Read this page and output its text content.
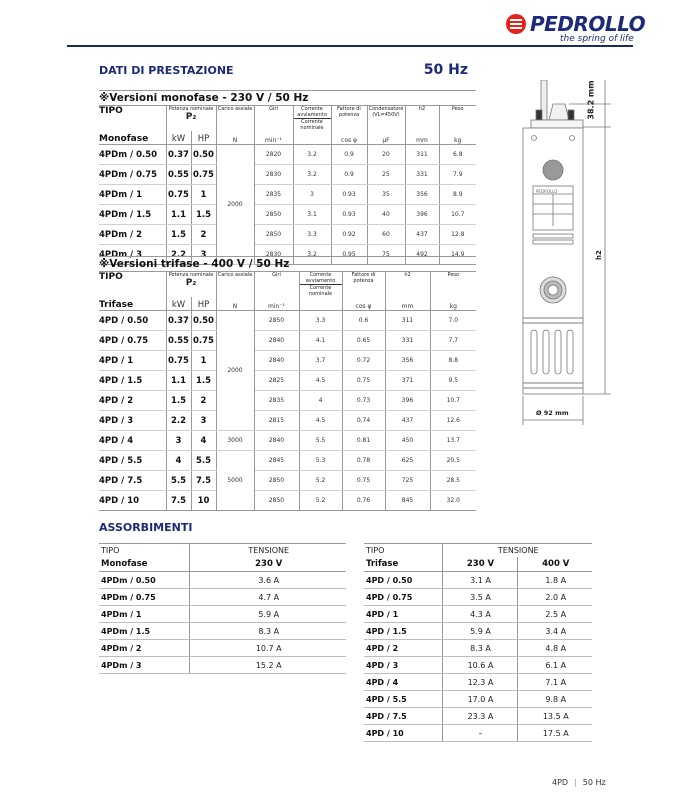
PEDROLLO
the spring of life
DATI DI PRESTAZIONE	50 Hz
※Versioni monofase - 230 V / 50 Hz									
TIPO	Potenza nominale
P₂		Carico assiale	Giri	Corrente avviamento
Corrente nominale	Fattore di potenza	Condensatore (VL=450V)	h2	Peso
Monofase	kW	HP	N	min⁻¹		cos φ	µF	mm	kg
4PDm / 0.50	0.37	0.50	2000	2820	3.2	0.9	20	311	6.8
4PDm / 0.75	0.55	0.75		2830	3.2	0.9	25	331	7.9
4PDm / 1	0.75	1		2835	3	0.93	35	356	8.9
4PDm / 1.5	1.1	1.5		2850	3.1	0.93	40	396	10.7
4PDm / 2	1.5	2		2850	3.3	0.92	60	437	12.8
4PDm / 3	2.2	3		2830	3.2	0.95	75	492	14.9
※Versioni trifase - 400 V / 50 Hz								
TIPO	Potenza nominale
P₂		Carico assiale	Giri	Corrente avviamento
Corrente nominale	Fattore di potenza	h2	Peso
Trifase	kW	HP	N	min⁻¹		cos φ	mm	kg
4PD / 0.50	0.37	0.50	2000	2850	3.3	0.6	311	7.0
4PD / 0.75	0.55	0.75		2840	4.1	0.65	331	7.7
4PD / 1	0.75	1		2840	3.7	0.72	356	8.8
4PD / 1.5	1.1	1.5		2825	4.5	0.75	371	9.5
4PD / 2	1.5	2		2835	4	0.73	396	10.7
4PD / 3	2.2	3		2815	4.5	0.74	437	12.6
4PD / 4	3	4	3000	2840	5.5	0.81	450	13.7
4PD / 5.5	4	5.5	5000	2845	5.3	0.78	625	20.5
4PD / 7.5	5.5	7.5		2850	5.2	0.75	725	28.5
4PD / 10	7.5	10		2850	5.2	0.76	845	32.0
h2
Ø 92 mm
PEDROLLO
38.2 mm
ASSORBIMENTI
TIPO	TENSIONE
Monofase	230 V
4PDm / 0.50	3.6 A
4PDm / 0.75	4.7 A
4PDm / 1	5.9 A
4PDm / 1.5	8.3 A
4PDm / 2	10.7 A
4PDm / 3	15.2 A
TIPO	TENSIONE	
Trifase	230 V	400 V
4PD / 0.50	3.1 A	1.8 A
4PD / 0.75	3.5 A	2.0 A
4PD / 1	4.3 A	2.5 A
4PD / 1.5	5.9 A	3.4 A
4PD / 2	8.3 A	4.8 A
4PD / 3	10.6 A	6.1 A
4PD / 4	12.3 A	7.1 A
4PD / 5.5	17.0 A	9.8 A
4PD / 7.5	23.3 A	13.5 A
4PD / 10	–	17.5 A
4PD | 50 Hz
